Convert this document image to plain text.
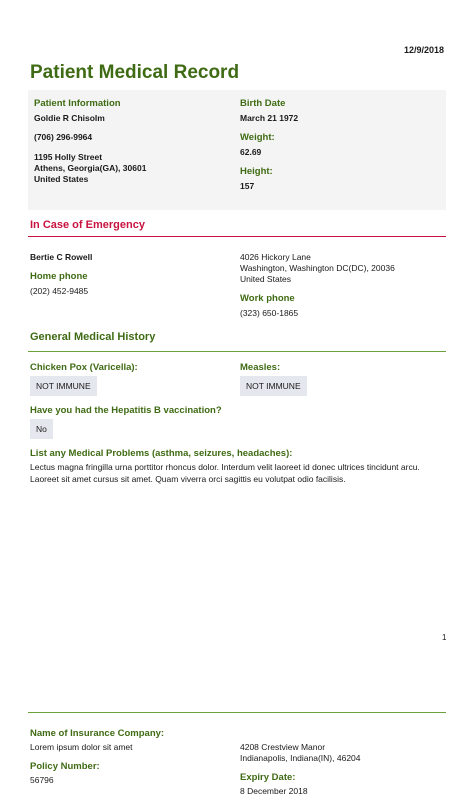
12/9/2018
Patient Medical Record
Patient Information
Goldie R Chisolm
(706) 296-9964
1195 Holly Street
Athens, Georgia(GA), 30601
United States
Birth Date
March 21 1972
Weight:
62.69
Height:
157
In Case of Emergency
Bertie C Rowell
Home phone
(202) 452-9485
4026 Hickory Lane
Washington, Washington DC(DC), 20036
United States
Work phone
(323) 650-1865
General Medical History
Chicken Pox (Varicella):
NOT IMMUNE
Measles:
NOT IMMUNE
Have you had the Hepatitis B vaccination?
No
List any Medical Problems (asthma, seizures, headaches):
Lectus magna fringilla urna porttitor rhoncus dolor. Interdum velit laoreet id donec ultrices tincidunt arcu. Laoreet sit amet cursus sit amet. Quam viverra orci sagittis eu volutpat odio facilisis.
1
Name of Insurance Company:
Lorem ipsum dolor sit amet
Policy Number:
56796
4208 Crestview Manor
Indianapolis, Indiana(IN), 46204
Expiry Date:
8 December 2018
